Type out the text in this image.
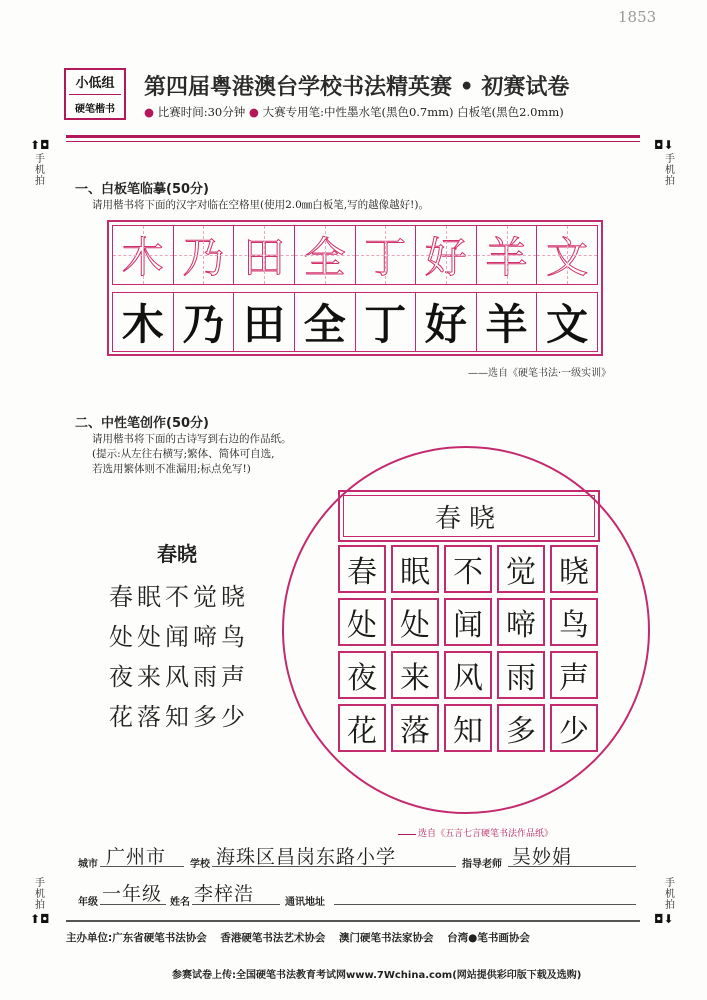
1853
小低组
硬笔楷书
第四届粤港澳台学校书法精英赛 • 初赛试卷
● 比赛时间:30分钟 ● 大赛专用笔:中性墨水笔(黑色0.7mm) 白板笔(黑色2.0mm)
⬆◘
手机拍
◘⬇
手机拍
手机拍
⬆◘
手机拍
◘⬇
一、白板笔临摹(50分)
请用楷书将下面的汉字对临在空格里(使用2.0㎜白板笔,写的越像越好!)。
木 乃 田 全 丁 好 羊 文
木 乃 田 全 丁 好 羊 文
——选自《硬笔书法·一级实训》
二、中性笔创作(50分)
请用楷书将下面的古诗写到右边的作品纸。
(提示:从左往右横写;繁体、简体可自选,
若选用繁体则不准漏用;标点免写!)
春晓
春眠不觉晓
处处闻啼鸟
夜来风雨声
花落知多少
春晓
春 眠 不 觉 晓
处 处 闻 啼 鸟
夜 来 风 雨 声
花 落 知 多 少
选自《五言七言硬笔书法作品纸》
城市 广州市 学校 海珠区昌岗东路小学	指导老师 吴妙娟
年级 一年级 姓名 李梓浩	通讯地址
主办单位:广东省硬笔书法协会 香港硬笔书法艺术协会 澳门硬笔书法家协会 台湾●笔书画协会
参赛试卷上传:全国硬笔书法教育考试网www.7Wchina.com(网站提供彩印版下载及选购)
